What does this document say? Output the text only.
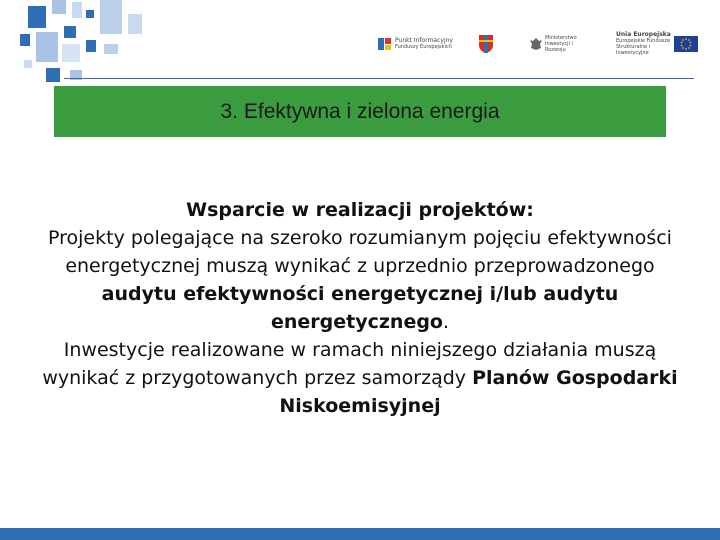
Punkt Informacyjny
Funduszy Europejskich
Ministerstwo Inwestycji i Rozwoju
Unia Europejska
Europejskie Fundusze Strukturalne i Inwestycyjne
3. Efektywna i zielona energia
Wsparcie w realizacji projektów:
Projekty polegające na szeroko rozumianym pojęciu efektywności energetycznej muszą wynikać z uprzednio przeprowadzonego audytu efektywności energetycznej i/lub audytu energetycznego.
Inwestycje realizowane w ramach niniejszego działania muszą wynikać z przygotowanych przez samorządy Planów Gospodarki Niskoemisyjnej
